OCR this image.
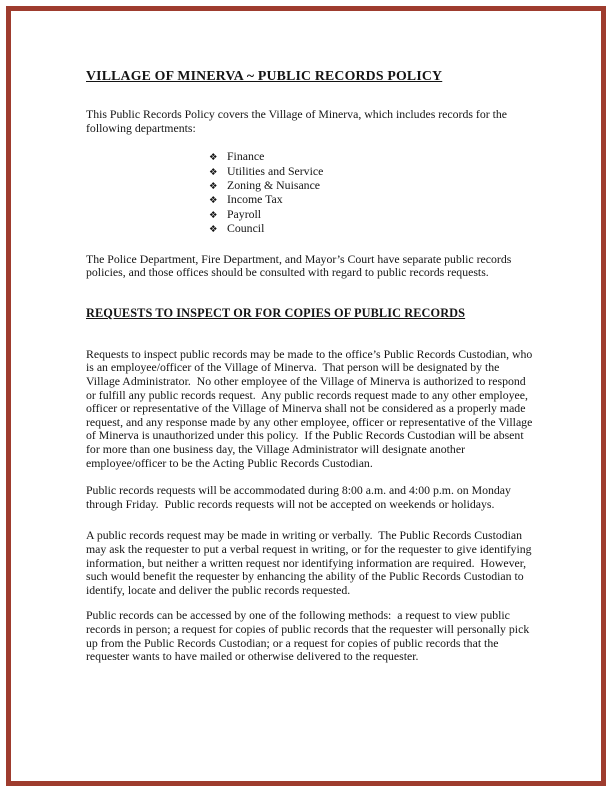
VILLAGE OF MINERVA ~ PUBLIC RECORDS POLICY

This Public Records Policy covers the Village of Minerva, which includes records for the following departments:

❖ Finance
❖ Utilities and Service
❖ Zoning & Nuisance
❖ Income Tax
❖ Payroll
❖ Council

The Police Department, Fire Department, and Mayor’s Court have separate public records policies, and those offices should be consulted with regard to public records requests.

REQUESTS TO INSPECT OR FOR COPIES OF PUBLIC RECORDS

Requests to inspect public records may be made to the office’s Public Records Custodian, who is an employee/officer of the Village of Minerva.  That person will be designated by the Village Administrator.  No other employee of the Village of Minerva is authorized to respond or fulfill any public records request.  Any public records request made to any other employee, officer or representative of the Village of Minerva shall not be considered as a properly made request, and any response made by any other employee, officer or representative of the Village of Minerva is unauthorized under this policy.  If the Public Records Custodian will be absent for more than one business day, the Village Administrator will designate another employee/officer to be the Acting Public Records Custodian.

Public records requests will be accommodated during 8:00 a.m. and 4:00 p.m. on Monday through Friday.  Public records requests will not be accepted on weekends or holidays.

A public records request may be made in writing or verbally.  The Public Records Custodian may ask the requester to put a verbal request in writing, or for the requester to give identifying information, but neither a written request nor identifying information are required.  However, such would benefit the requester by enhancing the ability of the Public Records Custodian to identify, locate and deliver the public records requested.

Public records can be accessed by one of the following methods:  a request to view public records in person; a request for copies of public records that the requester will personally pick up from the Public Records Custodian; or a request for copies of public records that the requester wants to have mailed or otherwise delivered to the requester.
